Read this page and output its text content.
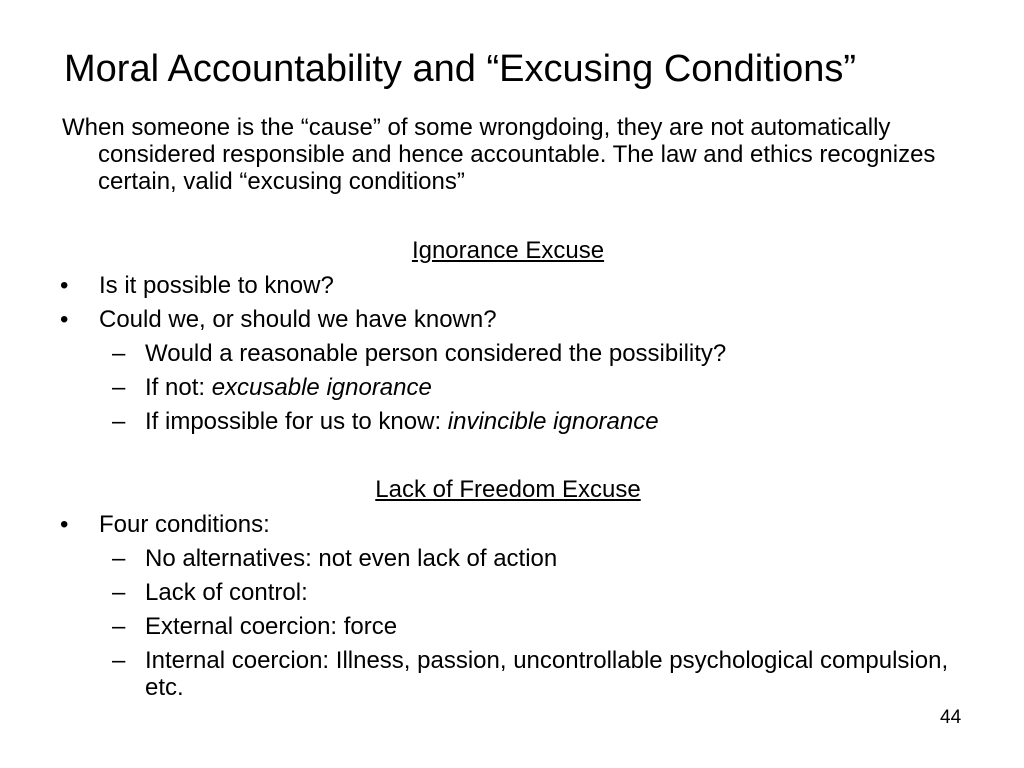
Moral Accountability and “Excusing Conditions”

When someone is the “cause” of some wrongdoing, they are not automatically considered responsible and hence accountable. The law and ethics recognizes certain, valid “excusing conditions”

Ignorance Excuse
• Is it possible to know?
• Could we, or should we have known?
– Would a reasonable person considered the possibility?
– If not: excusable ignorance
– If impossible for us to know: invincible ignorance
Lack of Freedom Excuse
• Four conditions:
– No alternatives: not even lack of action
– Lack of control:
– External coercion: force
– Internal coercion: Illness, passion, uncontrollable psychological compulsion, etc.
44
